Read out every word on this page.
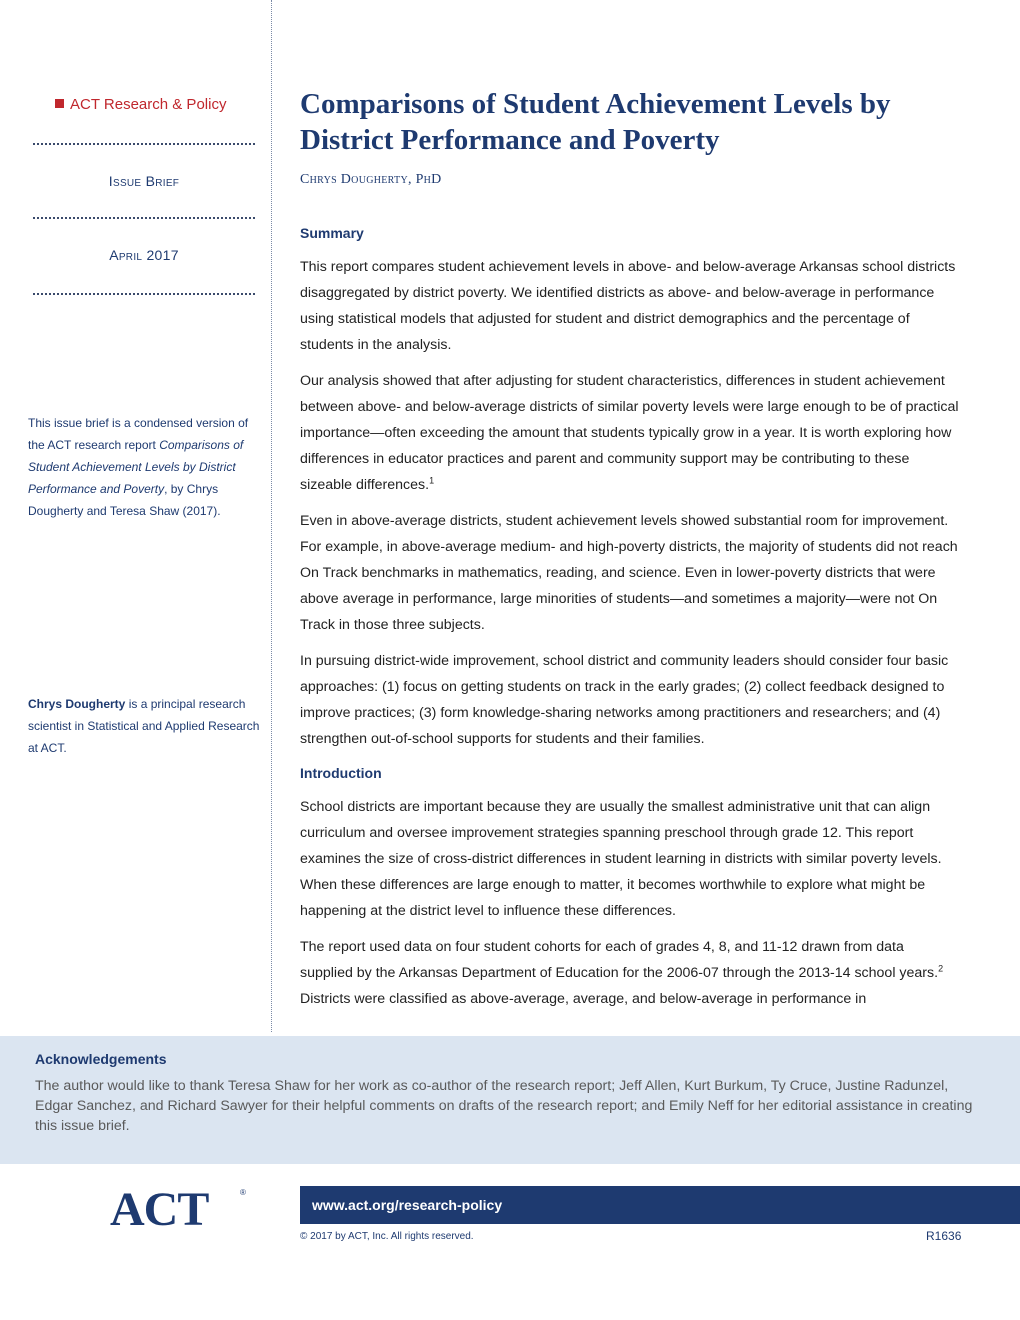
ACT Research & Policy
Issue Brief
April 2017
This issue brief is a condensed version of the ACT research report Comparisons of Student Achievement Levels by District Performance and Poverty, by Chrys Dougherty and Teresa Shaw (2017).
Chrys Dougherty is a principal research scientist in Statistical and Applied Research at ACT.
Comparisons of Student Achievement Levels by District Performance and Poverty
Chrys Dougherty, PhD
Summary

This report compares student achievement levels in above- and below-average Arkansas school districts disaggregated by district poverty. We identified districts as above- and below-average in performance using statistical models that adjusted for student and district demographics and the percentage of students in the analysis.

Our analysis showed that after adjusting for student characteristics, differences in student achievement between above- and below-average districts of similar poverty levels were large enough to be of practical importance—often exceeding the amount that students typically grow in a year. It is worth exploring how differences in educator practices and parent and community support may be contributing to these sizeable differences.$^1$

Even in above-average districts, student achievement levels showed substantial room for improvement. For example, in above-average medium- and high-poverty districts, the majority of students did not reach On Track benchmarks in mathematics, reading, and science. Even in lower-poverty districts that were above average in performance, large minorities of students—and sometimes a majority—were not On Track in those three subjects.

In pursuing district-wide improvement, school district and community leaders should consider four basic approaches: (1) focus on getting students on track in the early grades; (2) collect feedback designed to improve practices; (3) form knowledge-sharing networks among practitioners and researchers; and (4) strengthen out-of-school supports for students and their families.

Introduction

School districts are important because they are usually the smallest administrative unit that can align curriculum and oversee improvement strategies spanning preschool through grade 12. This report examines the size of cross-district differences in student learning in districts with similar poverty levels. When these differences are large enough to matter, it becomes worthwhile to explore what might be happening at the district level to influence these differences.

The report used data on four student cohorts for each of grades 4, 8, and 11-12 drawn from data supplied by the Arkansas Department of Education for the 2006-07 through the 2013-14 school years.$^2$ Districts were classified as above-average, average, and below-average in performance in

Acknowledgements

The author would like to thank Teresa Shaw for her work as co-author of the research report; Jeff Allen, Kurt Burkum, Ty Cruce, Justine Radunzel, Edgar Sanchez, and Richard Sawyer for their helpful comments on drafts of the research report; and Emily Neff for her editorial assistance in creating this issue brief.

ACT	®
www.act.org/research-policy
© 2017 by ACT, Inc. All rights reserved.	R1636
